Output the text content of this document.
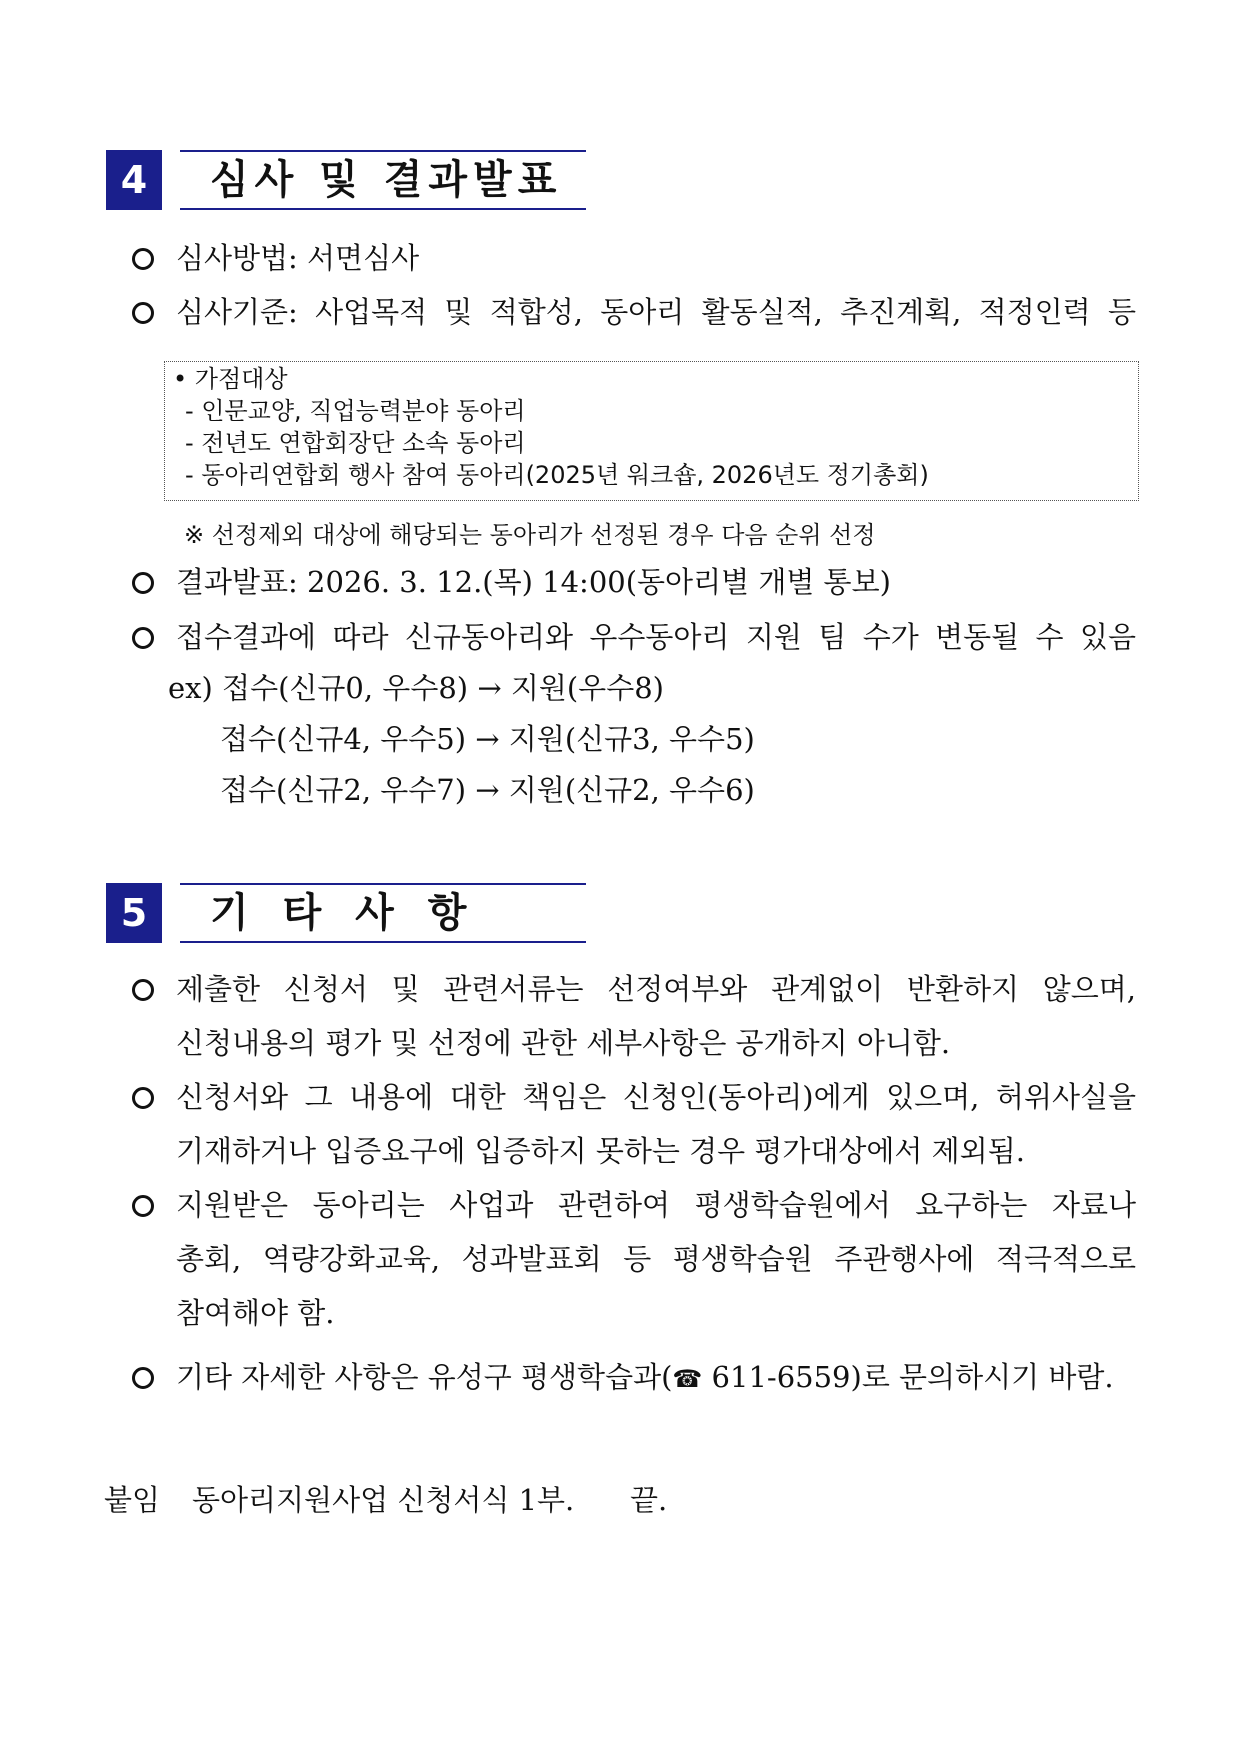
4	심사 및 결과발표
심사방법: 서면심사
심사기준: 사업목적 및 적합성, 동아리 활동실적, 추진계획, 적정인력 등
• 가점대상
- 인문교양, 직업능력분야 동아리
- 전년도 연합회장단 소속 동아리
- 동아리연합회 행사 참여 동아리(2025년 워크숍, 2026년도 정기총회)
※ 선정제외 대상에 해당되는 동아리가 선정된 경우 다음 순위 선정
결과발표: 2026. 3. 12.(목) 14:00(동아리별 개별 통보)
접수결과에 따라 신규동아리와 우수동아리 지원 팀 수가 변동될 수 있음
ex) 접수(신규0, 우수8) → 지원(우수8)
접수(신규4, 우수5) → 지원(신규3, 우수5)
접수(신규2, 우수7) → 지원(신규2, 우수6)
5	기 타 사 항
제출한 신청서 및 관련서류는 선정여부와 관계없이 반환하지 않으며,
신청내용의 평가 및 선정에 관한 세부사항은 공개하지 아니함.
신청서와 그 내용에 대한 책임은 신청인(동아리)에게 있으며, 허위사실을
기재하거나 입증요구에 입증하지 못하는 경우 평가대상에서 제외됨.
지원받은 동아리는 사업과 관련하여 평생학습원에서 요구하는 자료나
총회, 역량강화교육, 성과발표회 등 평생학습원 주관행사에 적극적으로
참여해야 함.
기타 자세한 사항은 유성구 평생학습과(☎ 611-6559)로 문의하시기 바람.
붙임 동아리지원사업 신청서식 1부. 끝.
